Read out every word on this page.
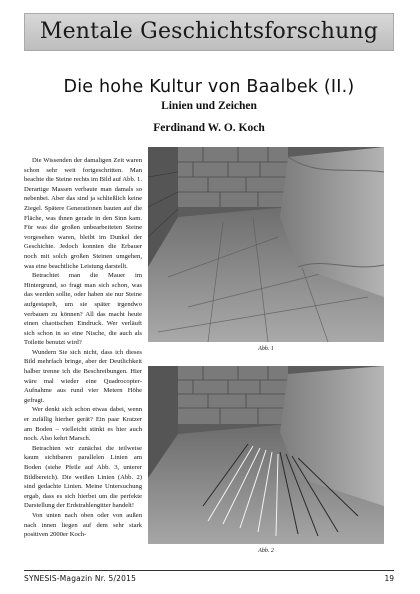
Mentale Geschichtsforschung
Die hohe Kultur von Baalbek (II.)
Linien und Zeichen
Ferdinand W. O. Koch

Die Wissenden der damaligen Zeit waren schon sehr weit fortgeschritten. Man beachte die Steine rechts im Bild auf Abb. 1. Derartige Massen verbaute man damals so nebenbei. Aber das sind ja schließlich keine Ziegel. Spätere Generationen bauten auf die Fläche, was ihnen gerade in den Sinn kam. Für was die großen unbearbeiteten Steine vorgesehen waren, bleibt im Dunkel der Geschichte. Jedoch konnten die Erbauer noch mit solch großen Steinen umgehen, was eine beachtliche Leistung darstellt.

Betrachtet man die Mauer im Hintergrund, so fragt man sich schon, was das werden sollte, oder haben sie nur Steine aufgestapelt, um sie später irgendwo verbauen zu können? All das macht heute einen chaotischen Eindruck. Wer verläuft sich schon in so eine Nische, die auch als Toilette benutzt wird?

Wundern Sie sich nicht, dass ich dieses Bild mehrfach bringe, aber der Deutlichkeit halber trenne ich die Beschreibungen. Hier wäre mal wieder eine Quadrocopter-Aufnahme aus rund vier Metern Höhe gefragt.

Wer denkt sich schon etwas dabei, wenn er zufällig hierher gerät? Ein paar Kratzer am Boden – vielleicht stinkt es hier auch noch. Also kehrt Marsch.

Betrachten wir zunächst die teilweise kaum sichtbaren parallelen Linien am Boden (siehe Pfeile auf Abb. 3, unterer Bildbereich). Die weißen Linien (Abb. 2) sind gedachte Linien. Meine Untersuchung ergab, dass es sich hierbei um die perfekte Darstellung der Erdstrahlengitter handelt!

Von unten nach oben oder von außen nach innen liegen auf dem sehr stark positiven 2000er Koch-

Abb. 1
Abb. 2
SYNESIS-Magazin Nr. 5/2015	19
